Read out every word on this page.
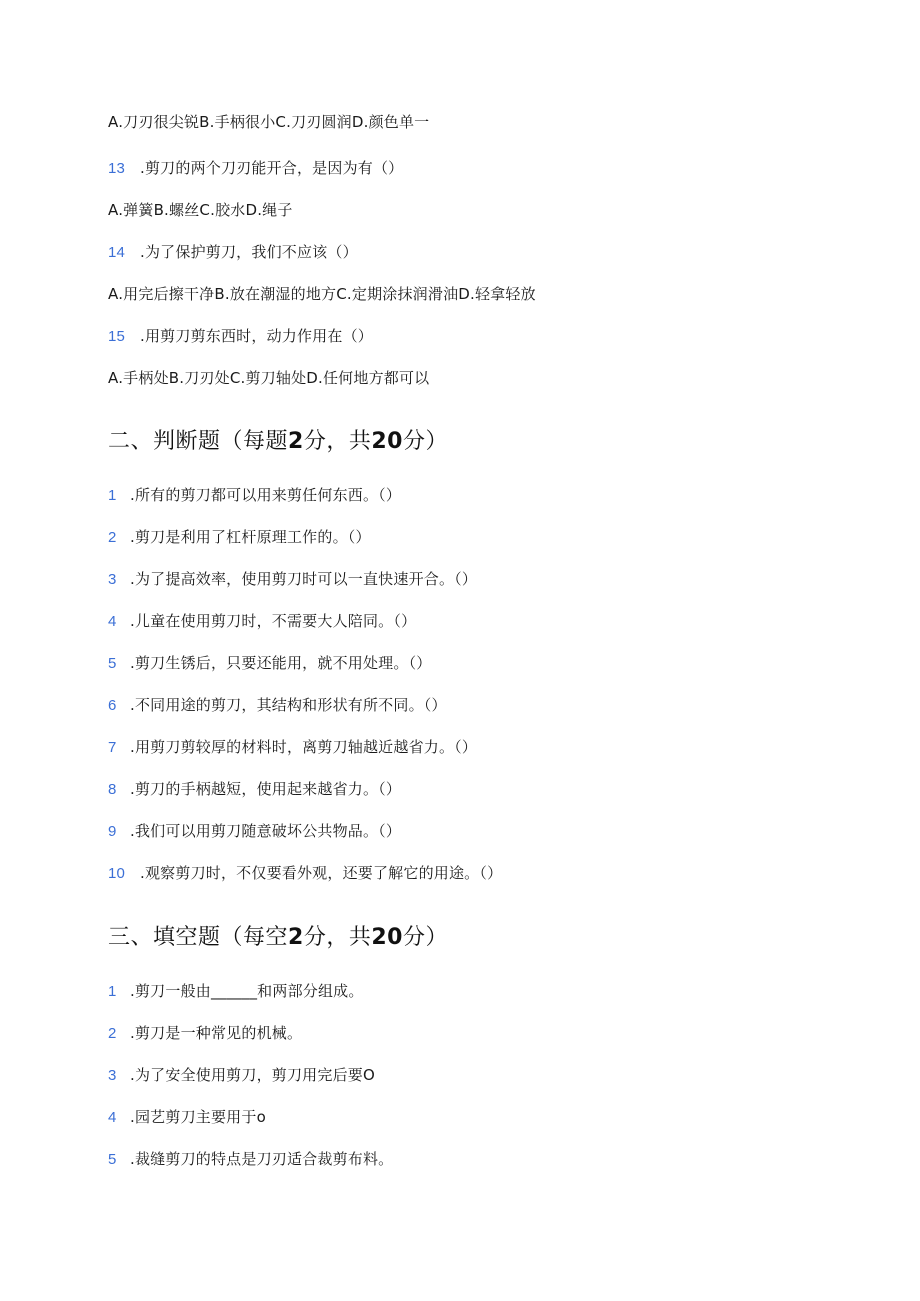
A.刀刃很尖锐B.手柄很小C.刀刃圆润D.颜色单一
13 .剪刀的两个刀刃能开合，是因为有（）
A.弹簧B.螺丝C.胶水D.绳子
14 .为了保护剪刀，我们不应该（）
A.用完后擦干净B.放在潮湿的地方C.定期涂抹润滑油D.轻拿轻放
15 .用剪刀剪东西时，动力作用在（）
A.手柄处B.刀刃处C.剪刀轴处D.任何地方都可以
二、判断题（每题2分，共20分）
1 .所有的剪刀都可以用来剪任何东西。（）
2 .剪刀是利用了杠杆原理工作的。（）
3 .为了提高效率，使用剪刀时可以一直快速开合。（）
4 .儿童在使用剪刀时，不需要大人陪同。（）
5 .剪刀生锈后，只要还能用，就不用处理。（）
6 .不同用途的剪刀，其结构和形状有所不同。（）
7 .用剪刀剪较厚的材料时，离剪刀轴越近越省力。（）
8 .剪刀的手柄越短，使用起来越省力。（）
9 .我们可以用剪刀随意破坏公共物品。（）
10 .观察剪刀时，不仅要看外观，还要了解它的用途。（）
三、填空题（每空2分，共20分）
1 .剪刀一般由______和两部分组成。
2 .剪刀是一种常见的机械。
3 .为了安全使用剪刀，剪刀用完后要O
4 .园艺剪刀主要用于o
5 .裁缝剪刀的特点是刀刃适合裁剪布料。
